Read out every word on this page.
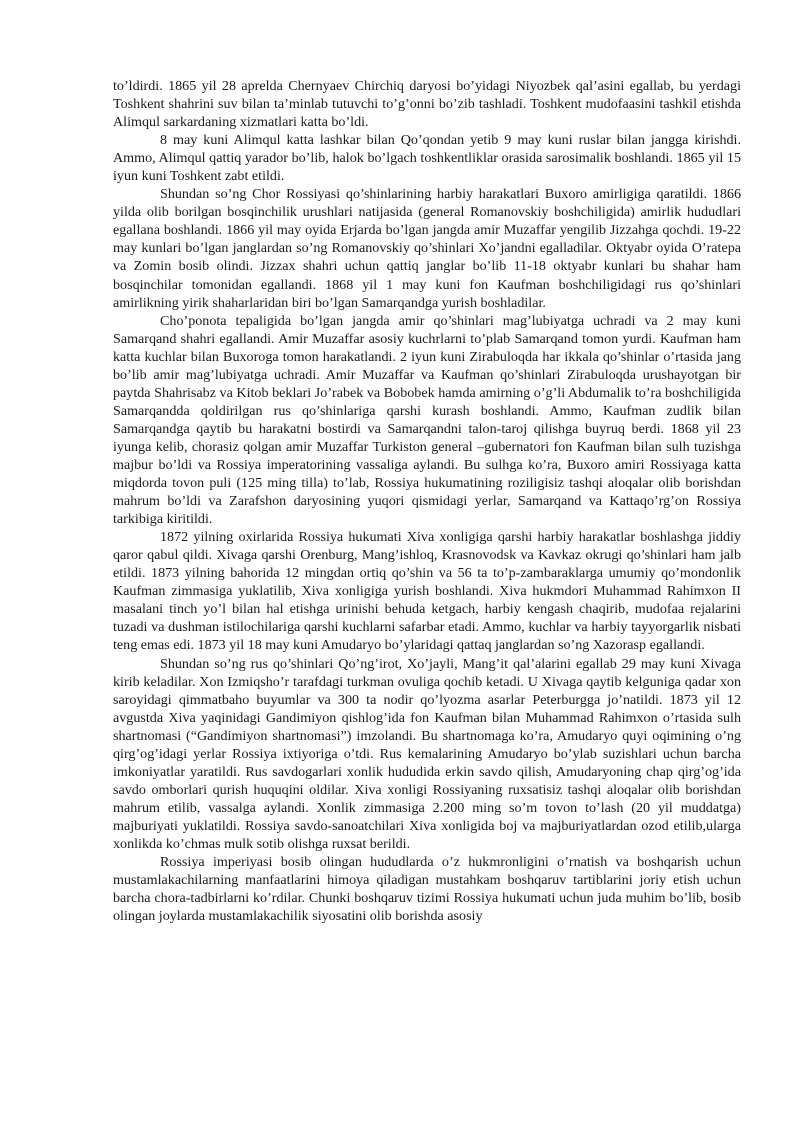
to’ldirdi. 1865 yil 28 aprelda Chernyaev Chirchiq daryosi bo’yidagi Niyozbek qal’asini egallab, bu yerdagi Toshkent shahrini suv bilan ta’minlab tutuvchi to’g’onni bo’zib tashladi. Toshkent mudofaasini tashkil etishda Alimqul sarkardaning xizmatlari katta bo’ldi.

8 may kuni Alimqul katta lashkar bilan Qo’qondan yetib 9 may kuni ruslar bilan jangga kirishdi. Ammo, Alimqul qattiq yarador bo’lib, halok bo’lgach toshkentliklar orasida sarosimalik boshlandi. 1865 yil 15 iyun kuni Toshkent zabt etildi.

Shundan so’ng Chor Rossiyasi qo’shinlarining harbiy harakatlari Buxoro amirligiga qaratildi. 1866 yilda olib borilgan bosqinchilik urushlari natijasida (general Romanovskiy boshchiligida) amirlik hududlari egallana boshlandi. 1866 yil may oyida Erjarda bo’lgan jangda amir Muzaffar yengilib Jizzahga qochdi. 19-22 may kunlari bo’lgan janglardan so’ng Romanovskiy qo’shinlari Xo’jandni egalladilar. Oktyabr oyida O’ratepa va Zomin bosib olindi. Jizzax shahri uchun qattiq janglar bo’lib 11-18 oktyabr kunlari bu shahar ham bosqinchilar tomonidan egallandi. 1868 yil 1 may kuni fon Kaufman boshchiligidagi rus qo’shinlari amirlikning yirik shaharlaridan biri bo’lgan Samarqandga yurish boshladilar.

Cho’ponota tepaligida bo’lgan jangda amir qo’shinlari mag’lubiyatga uchradi va 2 may kuni Samarqand shahri egallandi. Amir Muzaffar asosiy kuchrlarni to’plab Samarqand tomon yurdi. Kaufman ham katta kuchlar bilan Buxoroga tomon harakatlandi. 2 iyun kuni Zirabuloqda har ikkala qo’shinlar o’rtasida jang bo’lib amir mag’lubiyatga uchradi. Amir Muzaffar va Kaufman qo’shinlari Zirabuloqda urushayotgan bir paytda Shahrisabz va Kitob beklari Jo’rabek va Bobobek hamda amirning o’g’li Abdumalik to’ra boshchiligida Samarqandda qoldirilgan rus qo’shinlariga qarshi kurash boshlandi. Ammo, Kaufman zudlik bilan Samarqandga qaytib bu harakatni bostirdi va Samarqandni talon-taroj qilishga buyruq berdi. 1868 yil 23 iyunga kelib, chorasiz qolgan amir Muzaffar Turkiston general –gubernatori fon Kaufman bilan sulh tuzishga majbur bo’ldi va Rossiya imperatorining vassaliga aylandi. Bu sulhga ko’ra, Buxoro amiri Rossiyaga katta miqdorda tovon puli (125 ming tilla) to’lab, Rossiya hukumatining roziligisiz tashqi aloqalar olib borishdan mahrum bo’ldi va Zarafshon daryosining yuqori qismidagi yerlar, Samarqand va Kattaqo’rg’on Rossiya tarkibiga kiritildi.

1872 yilning oxirlarida Rossiya hukumati Xiva xonligiga qarshi harbiy harakatlar boshlashga jiddiy qaror qabul qildi. Xivaga qarshi Orenburg, Mang’ishloq, Krasnovodsk va Kavkaz okrugi qo’shinlari ham jalb etildi. 1873 yilning bahorida 12 mingdan ortiq qo’shin va 56 ta to’p-zambaraklarga umumiy qo’mondonlik Kaufman zimmasiga yuklatilib, Xiva xonligiga yurish boshlandi. Xiva hukmdori Muhammad Rahimxon II masalani tinch yo’l bilan hal etishga urinishi behuda ketgach, harbiy kengash chaqirib, mudofaa rejalarini tuzadi va dushman istilochilariga qarshi kuchlarni safarbar etadi. Ammo, kuchlar va harbiy tayyorgarlik nisbati teng emas edi. 1873 yil 18 may kuni Amudaryo bo’ylaridagi qattaq janglardan so’ng Xazorasp egallandi.

Shundan so’ng rus qo’shinlari Qo’ng’irot, Xo’jayli, Mang’it qal’alarini egallab 29 may kuni Xivaga kirib keladilar. Xon Izmiqsho’r tarafdagi turkman ovuliga qochib ketadi. U Xivaga qaytib kelguniga qadar xon saroyidagi qimmatbaho buyumlar va 300 ta nodir qo’lyozma asarlar Peterburgga jo’natildi. 1873 yil 12 avgustda Xiva yaqinidagi Gandimiyon qishlog’ida fon Kaufman bilan Muhammad Rahimxon o’rtasida sulh shartnomasi (“Gandimiyon shartnomasi”) imzolandi. Bu shartnomaga ko’ra, Amudaryo quyi oqimining o’ng qirg’og’idagi yerlar Rossiya ixtiyoriga o’tdi. Rus kemalarining Amudaryo bo’ylab suzishlari uchun barcha imkoniyatlar yaratildi. Rus savdogarlari xonlik hududida erkin savdo qilish, Amudaryoning chap qirg’og’ida savdo omborlari qurish huquqini oldilar. Xiva xonligi Rossiyaning ruxsatisiz tashqi aloqalar olib borishdan mahrum etilib, vassalga aylandi. Xonlik zimmasiga 2.200 ming so’m tovon to’lash (20 yil muddatga) majburiyati yuklatildi. Rossiya savdo-sanoatchilari Xiva xonligida boj va majburiyatlardan ozod etilib,ularga xonlikda ko’chmas mulk sotib olishga ruxsat berildi.

Rossiya imperiyasi bosib olingan hududlarda o’z hukmronligini o’rnatish va boshqarish uchun mustamlakachilarning manfaatlarini himoya qiladigan mustahkam boshqaruv tartiblarini joriy etish uchun barcha chora-tadbirlarni ko’rdilar. Chunki boshqaruv tizimi Rossiya hukumati uchun juda muhim bo’lib, bosib olingan joylarda mustamlakachilik siyosatini olib borishda asosiy
